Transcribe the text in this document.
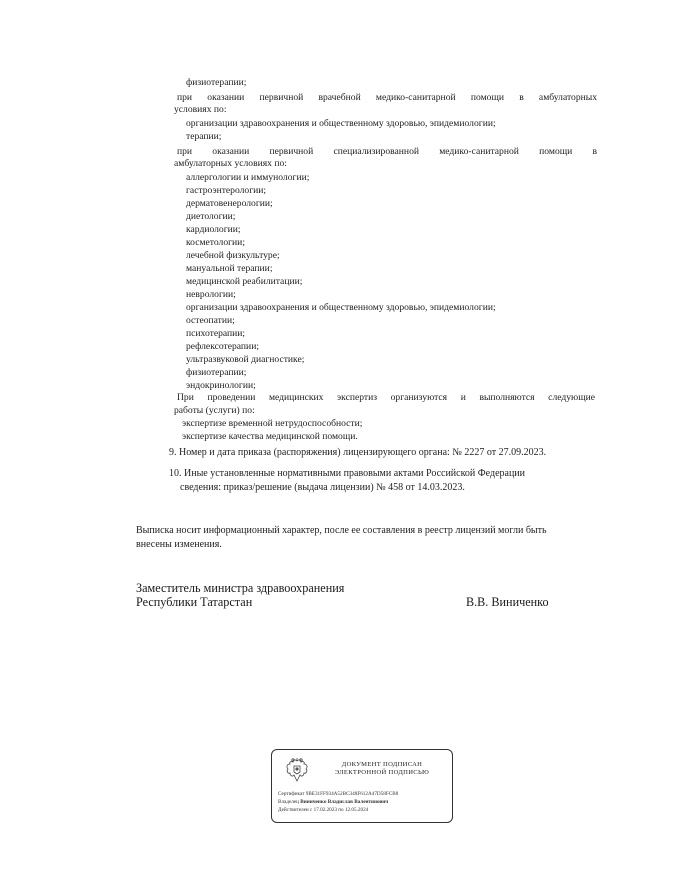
физиотерапии;
при оказании первичной врачебной медико-санитарной помощи в амбулаторных
условиях по:
организации здравоохранения и общественному здоровью, эпидемиологии;
терапии;
при оказании первичной специализированной медико-санитарной помощи в
амбулаторных условиях по:
аллергологии и иммунологии;
гастроэнтерологии;
дерматовенерологии;
диетологии;
кардиологии;
косметологии;
лечебной физкультуре;
мануальной терапии;
медицинской реабилитации;
неврологии;
организации здравоохранения и общественному здоровью, эпидемиологии;
остеопатии;
психотерапии;
рефлексотерапии;
ультразвуковой диагностике;
физиотерапии;
эндокринологии;
При проведении медицинских экспертиз организуются и выполняются следующие
работы (услуги) по:
экспертизе временной нетрудоспособности;
экспертизе качества медицинской помощи.
9. Номер и дата приказа (распоряжения) лицензирующего органа: № 2227 от 27.09.2023.
10. Иные установленные нормативными правовыми актами Российской Федерации
сведения: приказ/решение (выдача лицензии) № 458 от 14.03.2023.
Выписка носит информационный характер, после ее составления в реестр лицензий могли быть
внесены изменения.
Заместитель министра здравоохранения
Республики Татарстан	В.В. Виниченко
ДОКУМЕНТ ПОДПИСАН
ЭЛЕКТРОННОЙ ПОДПИСЬЮ
Сертификат 9BE31FF934A52BC348F612A47D58FCB8
Владелец Виниченко Владислав Валентинович
Действителен с 17.02.2023 по 12.05.2024
